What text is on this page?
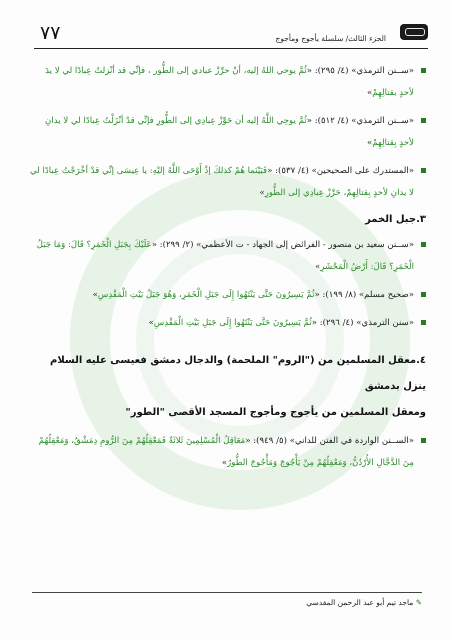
الجزء الثالث/ سلسلة يأجوج ومأجوج
٧٧
«ســنن الترمذي» (٤/ ٢٩٥): «ثُمَّ يوحي اللهُ إليه، أنْ حرِّزْ عبادي إلى الطُّور ، فإنِّي قد أنْزلتُ عِبادًا لي لا يدَ لأحدٍ بقتالِهِمْ»
«ســنن الترمذي» (٤/ ٥١٢): «ثُمَّ يوحِي اللَّهُ إليه أن حَوِّزْ عِبادِي إلى الطُّورِ فإنِّي قدْ أنْزَلْتُ عِبادًا لي لا يدانِ لأحدٍ بِقتالِهِمْ»
«المستدرك على الصحيحين» (٤/ ٥٣٧): «فَبَيْنَما هُمْ كذلكَ إذْ أَوْحَى اللَّهُ إليْهِ: يا عِيسَى إنِّي قدْ أخْرَجْتُ عِبادًا لي لا يدانِ لأحدٍ بِقتالِهِمْ، حَرِّزْ عِبادِي إلى الطُّورِ»
٣.جبل الخمر
«ســنن سعيد بن منصور - الفرائض إلى الجهاد - ت الأعظمي» (٢/ ٢٩٩): «عَلَيْكَ بِجَبَلِ الْخَمَرِ؟ قَالَ: وَمَا جَبَلُ الْخَمَرِ؟ قَالَ: أَرْضُ الْمَحْشَرِ»
«صحيح مسلم» (٨/ ١٩٩): «ثُمَّ يَسِيرُونَ حَتَّى يَنْتَهُوا إِلَى جَبَلِ الْخَمَرِ، وَهُوَ جَبَلُ بَيْتِ الْمَقْدِسِ»
«سنن الترمذي» (٤/ ٢٩٦): «ثُمَّ يَسِيرُونَ حَتَّى يَنْتَهُوا إِلَى جَبَلِ بَيْتِ الْمَقْدِسِ»
٤.معقل المسلمين من ("الروم" الملحمة) والدجال دمشق فعيسى عليه السلام ينزل بدمشق
ومعقل المسلمين من يأجوج ومأجوج المسجد الأقصى "الطور"
«الســنن الواردة في الفتن للداني» (٥/ ٩٤٩): «مَعَاقِلُ الْمُسْلِمِينَ ثَلاثَةٌ فَمَعْقِلُهُمْ مِنَ الرُّومِ دِمَشْقُ، وَمَعْقِلُهُمْ مِنَ الدَّجَّالِ الأُرْدُنُّ، وَمَعْقِلُهُمْ مِنْ يَأْجُوجَ وَمَأْجُوجَ الطُّورُ»
✎ ماجد تيم أبو عبد الرحمن المقدسي
